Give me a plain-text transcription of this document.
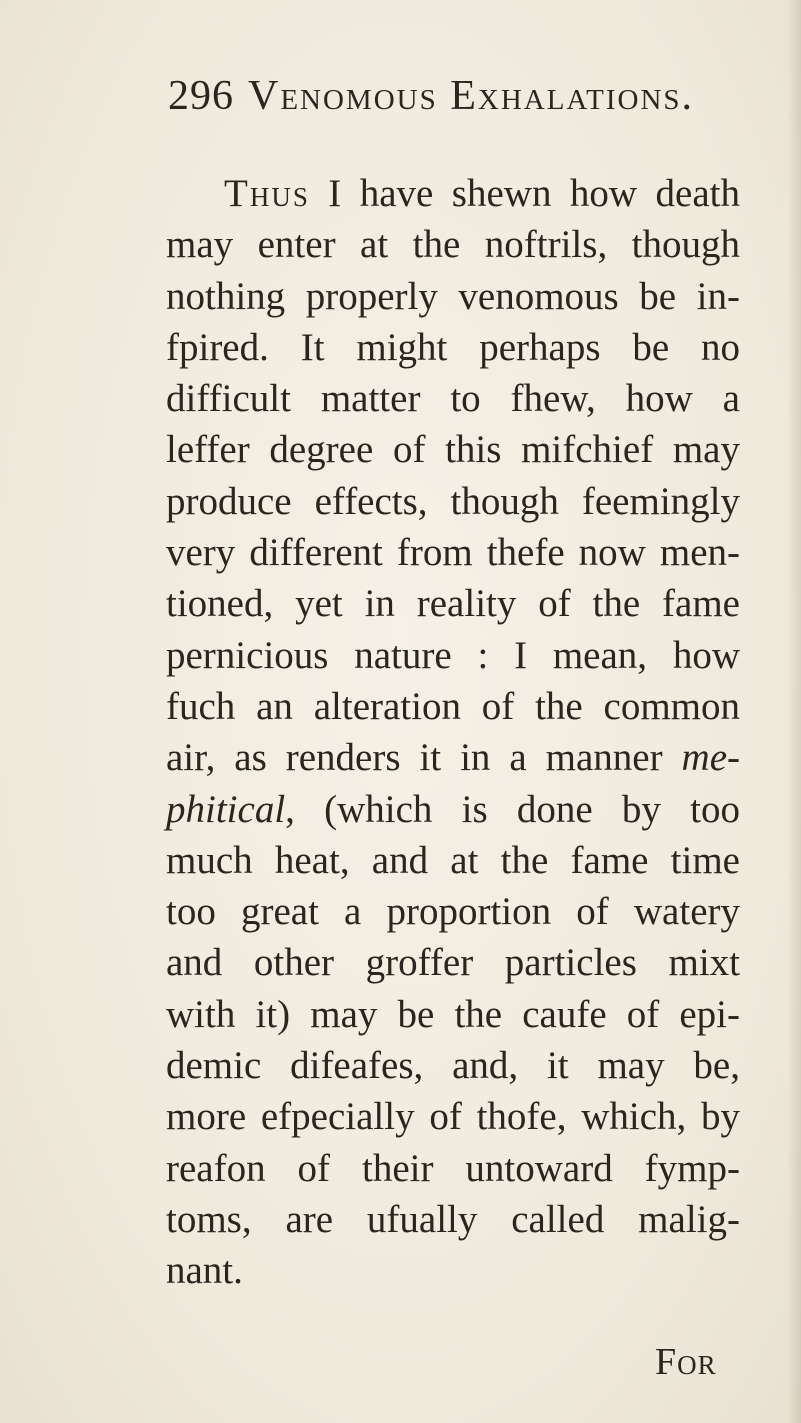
296 Venomous Exhalations.
Thus I have shewn how death
may enter at the noftrils, though
nothing properly venomous be in-
fpired. It might perhaps be no
difficult matter to fhew, how a
leffer degree of this mifchief may
produce effects, though feemingly
very different from thefe now men-
tioned, yet in reality of the fame
pernicious nature : I mean, how
fuch an alteration of the common
air, as renders it in a manner me-
phitical, (which is done by too
much heat, and at the fame time
too great a proportion of watery
and other groffer particles mixt
with it) may be the caufe of epi-
demic difeafes, and, it may be,
more efpecially of thofe, which, by
reafon of their untoward fymp-
toms, are ufually called malig-
nant.
For
